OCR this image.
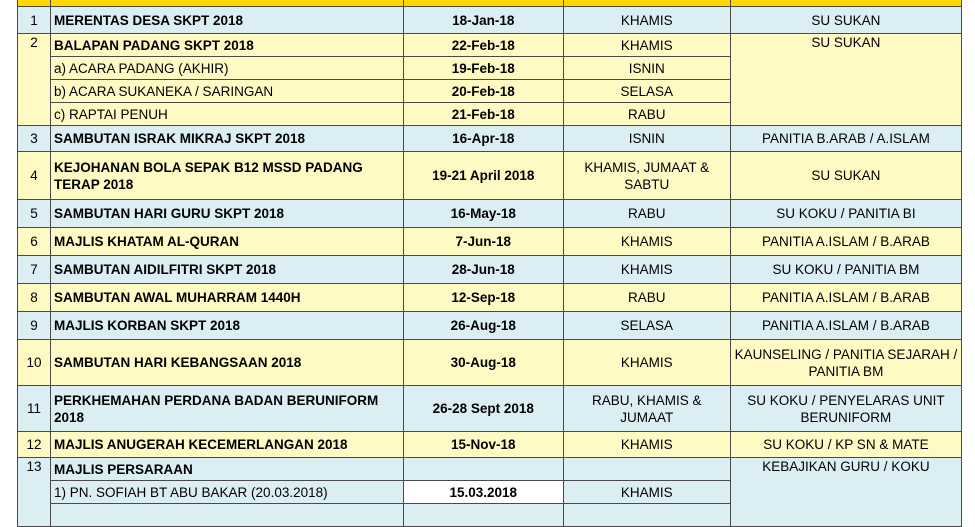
1	MERENTAS DESA SKPT 2018	18-Jan-18	KHAMIS	SU SUKAN
2	BALAPAN PADANG SKPT 2018	22-Feb-18	KHAMIS	SU SUKAN
	a) ACARA PADANG (AKHIR)	19-Feb-18	ISNIN	
	b) ACARA SUKANEKA / SARINGAN	20-Feb-18	SELASA	
	c) RAPTAI PENUH	21-Feb-18	RABU	
3	SAMBUTAN ISRAK MIKRAJ SKPT 2018	16-Apr-18	ISNIN	PANITIA B.ARAB / A.ISLAM
4	KEJOHANAN BOLA SEPAK B12 MSSD PADANG TERAP 2018	19-21 April 2018	KHAMIS, JUMAAT & SABTU	SU SUKAN
5	SAMBUTAN HARI GURU SKPT 2018	16-May-18	RABU	SU KOKU / PANITIA BI
6	MAJLIS KHATAM AL-QURAN	7-Jun-18	KHAMIS	PANITIA A.ISLAM / B.ARAB
7	SAMBUTAN AIDILFITRI SKPT 2018	28-Jun-18	KHAMIS	SU KOKU / PANITIA BM
8	SAMBUTAN AWAL MUHARRAM 1440H	12-Sep-18	RABU	PANITIA A.ISLAM / B.ARAB
9	MAJLIS KORBAN SKPT 2018	26-Aug-18	SELASA	PANITIA A.ISLAM / B.ARAB
10	SAMBUTAN HARI KEBANGSAAN 2018	30-Aug-18	KHAMIS	KAUNSELING / PANITIA SEJARAH / PANITIA BM
11	PERKHEMAHAN PERDANA BADAN BERUNIFORM 2018	26-28 Sept 2018	RABU, KHAMIS & JUMAAT	SU KOKU / PENYELARAS UNIT BERUNIFORM
12	MAJLIS ANUGERAH KECEMERLANGAN 2018	15-Nov-18	KHAMIS	SU KOKU / KP SN & MATE
13	MAJLIS PERSARAAN			KEBAJIKAN GURU / KOKU
	1) PN. SOFIAH BT ABU BAKAR (20.03.2018)	15.03.2018	KHAMIS	
